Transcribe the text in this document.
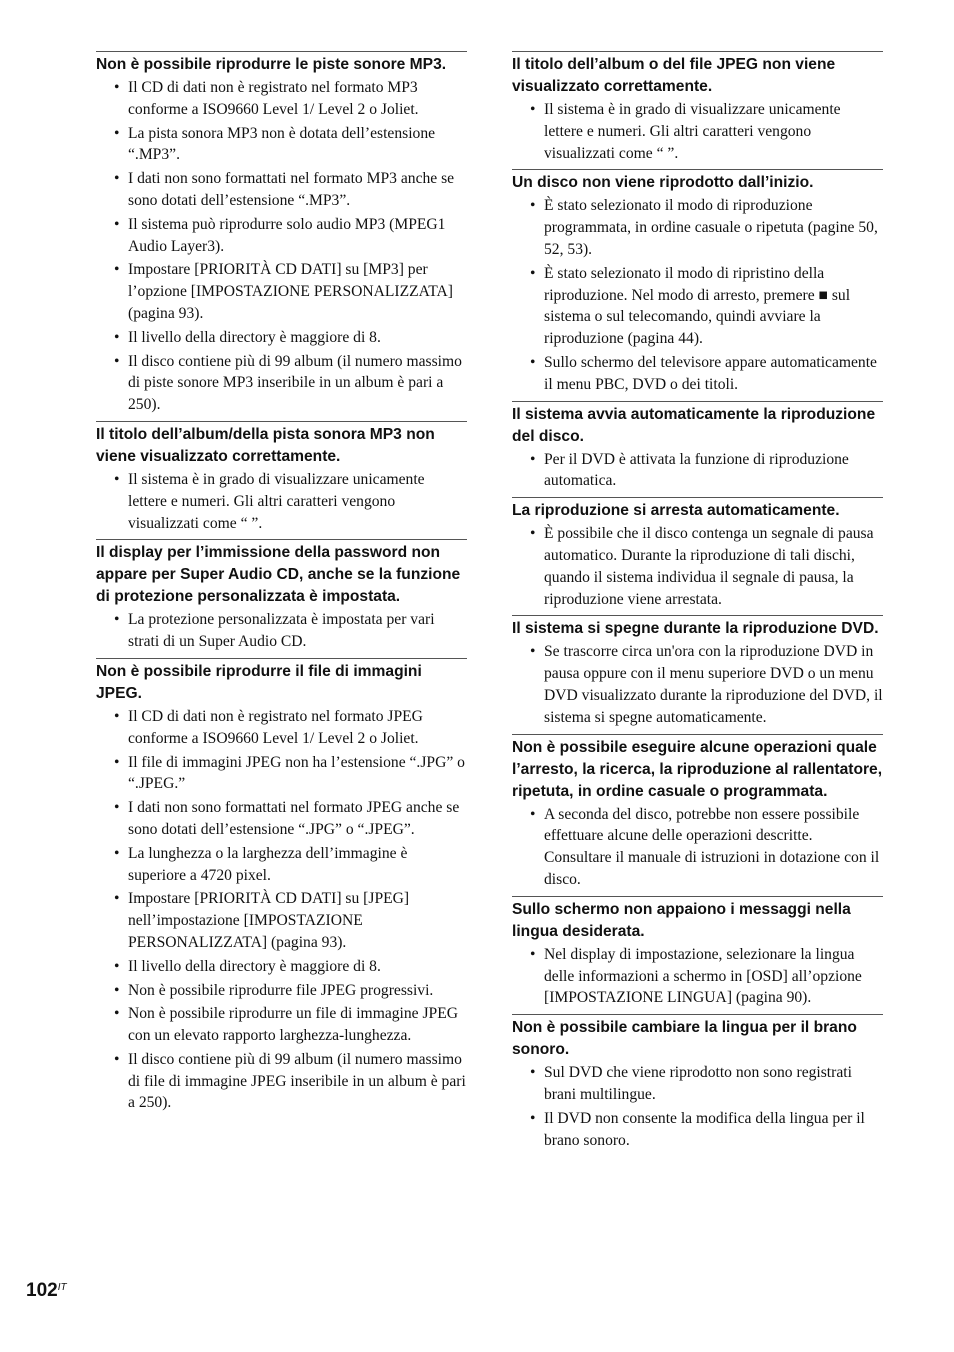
Non è possibile riprodurre le piste sonore MP3.
• Il CD di dati non è registrato nel formato MP3 conforme a ISO9660 Level 1/ Level 2 o Joliet.
• La pista sonora MP3 non è dotata dell’estensione “.MP3”.
• I dati non sono formattati nel formato MP3 anche se sono dotati dell’estensione “.MP3”.
• Il sistema può riprodurre solo audio MP3 (MPEG1 Audio Layer3).
• Impostare [PRIORITÀ CD DATI] su [MP3] per l’opzione [IMPOSTAZIONE PERSONALIZZATA] (pagina 93).
• Il livello della directory è maggiore di 8.
• Il disco contiene più di 99 album (il numero massimo di piste sonore MP3 inseribile in un album è pari a 250).
Il titolo dell’album/della pista sonora MP3 non viene visualizzato correttamente.
• Il sistema è in grado di visualizzare unicamente lettere e numeri. Gli altri caratteri vengono visualizzati come “ ”.
Il display per l’immissione della password non appare per Super Audio CD, anche se la funzione di protezione personalizzata è impostata.
• La protezione personalizzata è impostata per vari strati di un Super Audio CD.
Non è possibile riprodurre il file di immagini JPEG.
• Il CD di dati non è registrato nel formato JPEG conforme a ISO9660 Level 1/ Level 2 o Joliet.
• Il file di immagini JPEG non ha l’estensione “.JPG” o “.JPEG.”
• I dati non sono formattati nel formato JPEG anche se sono dotati dell’estensione “.JPG” o “.JPEG”.
• La lunghezza o la larghezza dell’immagine è superiore a 4720 pixel.
• Impostare [PRIORITÀ CD DATI] su [JPEG] nell’impostazione [IMPOSTAZIONE PERSONALIZZATA] (pagina 93).
• Il livello della directory è maggiore di 8.
• Non è possibile riprodurre file JPEG progressivi.
• Non è possibile riprodurre un file di immagine JPEG con un elevato rapporto larghezza-lunghezza.
• Il disco contiene più di 99 album (il numero massimo di file di immagine JPEG inseribile in un album è pari a 250).
Il titolo dell’album o del file JPEG non viene visualizzato correttamente.
• Il sistema è in grado di visualizzare unicamente lettere e numeri. Gli altri caratteri vengono visualizzati come “ ”.
Un disco non viene riprodotto dall’inizio.
• È stato selezionato il modo di riproduzione programmata, in ordine casuale o ripetuta (pagine 50, 52, 53).
• È stato selezionato il modo di ripristino della riproduzione. Nel modo di arresto, premere ■ sul sistema o sul telecomando, quindi avviare la riproduzione (pagina 44).
• Sullo schermo del televisore appare automaticamente il menu PBC, DVD o dei titoli.
Il sistema avvia automaticamente la riproduzione del disco.
• Per il DVD è attivata la funzione di riproduzione automatica.
La riproduzione si arresta automaticamente.
• È possibile che il disco contenga un segnale di pausa automatico. Durante la riproduzione di tali dischi, quando il sistema individua il segnale di pausa, la riproduzione viene arrestata.
Il sistema si spegne durante la riproduzione DVD.
• Se trascorre circa un'ora con la riproduzione DVD in pausa oppure con il menu superiore DVD o un menu DVD visualizzato durante la riproduzione del DVD, il sistema si spegne automaticamente.
Non è possibile eseguire alcune operazioni quale l’arresto, la ricerca, la riproduzione al rallentatore, ripetuta, in ordine casuale o programmata.
• A seconda del disco, potrebbe non essere possibile effettuare alcune delle operazioni descritte. Consultare il manuale di istruzioni in dotazione con il disco.
Sullo schermo non appaiono i messaggi nella lingua desiderata.
• Nel display di impostazione, selezionare la lingua delle informazioni a schermo in [OSD] all’opzione [IMPOSTAZIONE LINGUA] (pagina 90).
Non è possibile cambiare la lingua per il brano sonoro.
• Sul DVD che viene riprodotto non sono registrati brani multilingue.
• Il DVD non consente la modifica della lingua per il brano sonoro.
$102^{IT}$
